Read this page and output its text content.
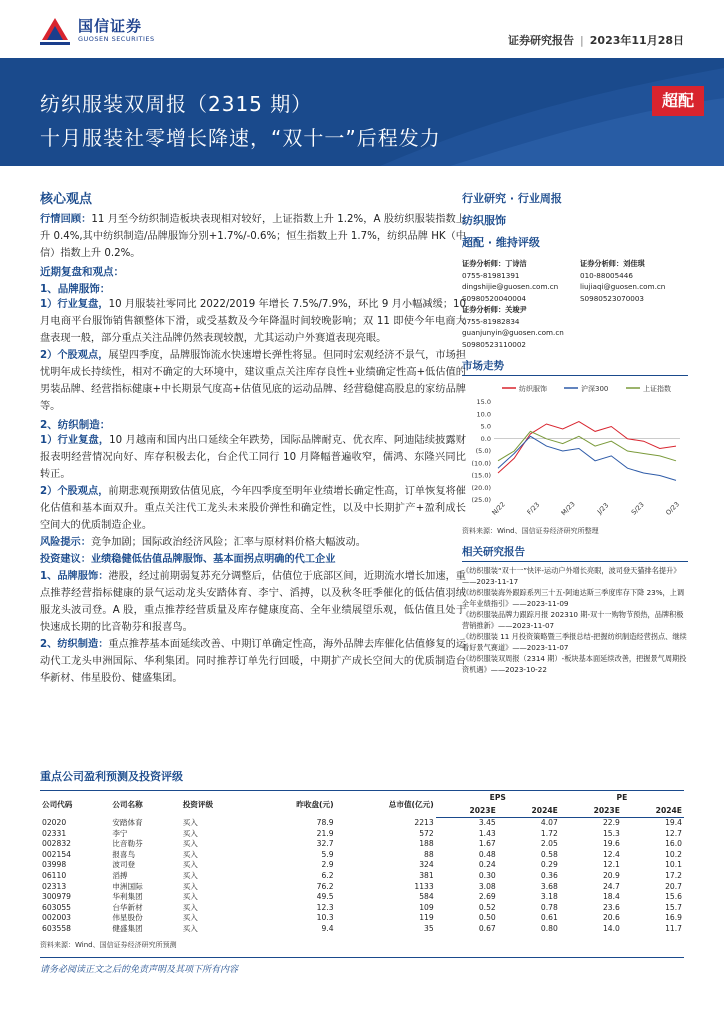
国信证券
GUOSEN SECURITIES	证券研究报告 | 2023年11月28日
纺织服装双周报（2315 期）
十月服装社零增长降速，“双十一”后程发力
超配
核心观点
行情回顾：11 月至今纺织制造板块表现相对较好，上证指数上升 1.2%，A 股纺织服装指数上升 0.4%,其中纺织制造/品牌服饰分别+1.7%/-0.6%；恒生指数上升 1.7%，纺织品牌 HK（中信）指数上升 0.2%。
近期复盘和观点：
1、品牌服饰：
1）行业复盘，10 月服装社零同比 2022/2019 年增长 7.5%/7.9%，环比 9 月小幅减缓；10 月电商平台服饰销售额整体下滑，或受基数及今年降温时间较晚影响；双 11 即使今年电商大盘表现一般，部分重点关注品牌仍然表现较靓，尤其运动户外赛道表现亮眼。
2）个股观点，展望四季度，品牌服饰流水快速增长弹性将显。但同时宏观经济不景气，市场担忧明年成长持续性，相对不确定的大环境中，建议重点关注库存良性+业绩确定性高+低估值的男装品牌、经营指标健康+中长期景气度高+估值见底的运动品牌、经营稳健高股息的家纺品牌等。
2、纺织制造：
1）行业复盘，10 月越南和国内出口延续全年跌势，国际品牌耐克、优衣库、阿迪陆续披露财报表明经营情况向好、库存积极去化，台企代工同行 10 月降幅普遍收窄，儒鸿、东隆兴同比转正。
2）个股观点，前期悲观预期致估值见底，今年四季度至明年业绩增长确定性高，订单恢复将催化估值和基本面双升。重点关注代工龙头未来股价弹性和确定性，以及中长期扩产+盈利成长空间大的优质制造企业。
风险提示：竞争加剧；国际政治经济风险；汇率与原材料价格大幅波动。
投资建议：业绩稳健低估值品牌服饰、基本面拐点明确的代工企业
1、品牌服饰：港股，经过前期弱复苏充分调整后，估值位于底部区间，近期流水增长加速，重点推荐经营指标健康的景气运动龙头安踏体育、李宁、滔搏，以及秋冬旺季催化的低估值羽绒服龙头波司登。A 股，重点推荐经营质量及库存健康度高、全年业绩展望乐观，低估值且处于快速成长期的比音勒芬和报喜鸟。
2、纺织制造：重点推荐基本面延续改善、中期订单确定性高，海外品牌去库催化估值修复的运动代工龙头申洲国际、华利集团。同时推荐订单先行回暖，中期扩产成长空间大的优质制造台华新材、伟星股份、健盛集团。
行业研究 · 行业周报
纺织服饰
超配 · 维持评级
证券分析师：丁诗洁
0755-81981391
dingshijie@guosen.com.cn
S0980520040004
证券分析师：刘佳琪
010-88005446
liujiaqi@guosen.com.cn
S0980523070003
证券分析师：关竣尹
0755-81982834
guanjunyin@guosen.com.cn
S0980523110002
市场走势
纺织服饰	沪深300	上证指数
15.0
10.0
5.0
0.0
(5.0)
(10.0)
(15.0)
(20.0)
(25.0)
N/22	F/23	M/23	J/23	S/23	O/23
资料来源：Wind、国信证券经济研究所整理
相关研究报告
《纺织服装“双十一”快评-运动户外增长亮眼，波司登天猫排名提升》——2023-11-17
《纺织服装海外跟踪系列三十五-阿迪达斯三季度库存下降 23%，上调全年业绩指引》——2023-11-09
《纺织服装品牌力跟踪月报 202310 期-双十一购物节预热，品牌积极营销推新》——2023-11-07
《纺织服装 11 月投资策略暨三季报总结-把握纺织制造经营拐点、继续看好景气赛道》——2023-11-07
《纺织服装双周报（2314 期）-板块基本面延续改善，把握景气周期投资机遇》——2023-10-22
重点公司盈利预测及投资评级
公司代码	公司名称	投资评级	昨收盘(元)	总市值(亿元)	EPS		PE	
					2023E	2024E	2023E	2024E
02020	安踏体育	买入	78.9	2213	3.45	4.07	22.9	19.4
02331	李宁	买入	21.9	572	1.43	1.72	15.3	12.7
002832	比音勒芬	买入	32.7	188	1.67	2.05	19.6	16.0
002154	报喜鸟	买入	5.9	88	0.48	0.58	12.4	10.2
03998	波司登	买入	2.9	324	0.24	0.29	12.1	10.1
06110	滔搏	买入	6.2	381	0.30	0.36	20.9	17.2
02313	申洲国际	买入	76.2	1133	3.08	3.68	24.7	20.7
300979	华利集团	买入	49.5	584	2.69	3.18	18.4	15.6
603055	台华新材	买入	12.3	109	0.52	0.78	23.6	15.7
002003	伟星股份	买入	10.3	119	0.50	0.61	20.6	16.9
603558	健盛集团	买入	9.4	35	0.67	0.80	14.0	11.7
资料来源：Wind、国信证券经济研究所预测
请务必阅读正文之后的免责声明及其项下所有内容
